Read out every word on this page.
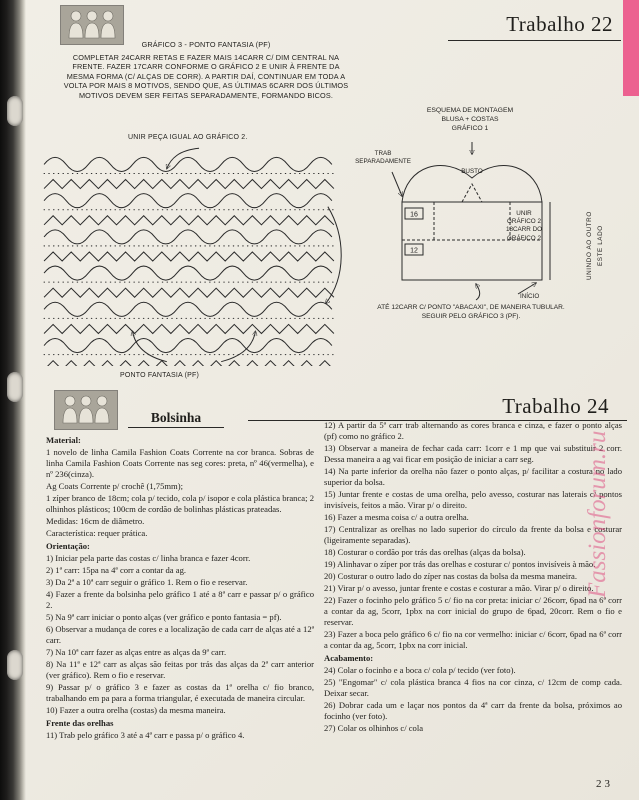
Trabalho 22

GRÁFICO 3 - PONTO FANTASIA (PF)

COMPLETAR 24CARR RETAS E FAZER MAIS 14CARR C/ DIM CENTRAL NA FRENTE. FAZER 17CARR CONFORME O GRÁFICO 2 E UNIR À FRENTE DA MESMA FORMA (C/ ALÇAS DE CORR). A PARTIR DAÍ, CONTINUAR EM TODA A VOLTA POR MAIS 8 MOTIVOS, SENDO QUE, AS ÚLTIMAS 6CARR DOS ÚLTIMOS MOTIVOS DEVEM SER FEITAS SEPARADAMENTE, FORMANDO BICOS.
UNIR PEÇA IGUAL AO GRÁFICO 2.
PONTO FANTASIA (PF)
ESQUEMA DE MONTAGEM
BLUSA + COSTAS
GRÁFICO 1
16
12
TRAB
SEPARADAMENTE
BUSTO
UNIR
GRÁFICO 2
18CARR DO
GRÁFICO 2	ESTE LADO
UNINDO AO OUTRO
INÍCIO
ATÉ 12CARR C/ PONTO "ABACAXI", DE MANEIRA TUBULAR. SEGUIR PELO GRÁFICO 3 (PF).
Trabalho 24
Bolsinha

Material:

1 novelo de linha Camila Fashion Coats Corrente na cor branca. Sobras de linha Camila Fashion Coats Corrente nas seg cores: preta, nº 46(vermelha), e nº 236(cinza).

Ag Coats Corrente p/ crochê (1,75mm);

1 zíper branco de 18cm; cola p/ tecido, cola p/ isopor e cola plástica branca; 2 olhinhos plásticos; 100cm de cordão de bolinhas plásticas prateadas.

Medidas: 16cm de diâmetro.

Característica: requer prática.

Orientação:

1) Iniciar pela parte das costas c/ linha branca e fazer 4corr.

2) 1ª carr: 15pa na 4ª corr a contar da ag.

3) Da 2ª a 10ª carr seguir o gráfico 1. Rem o fio e reservar.

4) Fazer a frente da bolsinha pelo gráfico 1 até a 8ª carr e passar p/ o gráfico 2.

5) Na 9ª carr iniciar o ponto alças (ver gráfico e ponto fantasia = pf).

6) Observar a mudança de cores e a localização de cada carr de alças até a 12ª carr.

7) Na 10ª carr fazer as alças entre as alças da 9ª carr.

8) Na 11ª e 12ª carr as alças são feitas por trás das alças da 2ª carr anterior (ver gráfico). Rem o fio e reservar.

9) Passar p/ o gráfico 3 e fazer as costas da 1ª orelha c/ fio branco, trabalhando em pa para a forma triangular, é executada de maneira circular.

10) Fazer a outra orelha (costas) da mesma maneira.

Frente das orelhas

11) Trab pelo gráfico 3 até a 4ª carr e passa p/ o gráfico 4.

12) A partir da 5ª carr trab alternando as cores branca e cinza, e fazer o ponto alças (pf) como no gráfico 2.

13) Observar a maneira de fechar cada carr: 1corr e 1 mp que vai substituir 2 corr. Dessa maneira a ag vai ficar em posição de iniciar a carr seg.

14) Na parte inferior da orelha não fazer o ponto alças, p/ facilitar a costura no lado superior da bolsa.

15) Juntar frente e costas de uma orelha, pelo avesso, costurar nas laterais c/ pontos invisíveis, feitos a mão. Virar p/ o direito.

16) Fazer a mesma coisa c/ a outra orelha.

17) Centralizar as orelhas no lado superior do círculo da frente da bolsa e costurar (ligeiramente separadas).

18) Costurar o cordão por trás das orelhas (alças da bolsa).

19) Alinhavar o zíper por trás das orelhas e costurar c/ pontos invisíveis à mão.

20) Costurar o outro lado do zíper nas costas da bolsa da mesma maneira.

21) Virar p/ o avesso, juntar frente e costas e costurar a mão. Virar p/ o direito.

22) Fazer o focinho pelo gráfico 5 c/ fio na cor preta: iniciar c/ 26corr, 6pad na 6ª corr a contar da ag, 5corr, 1pbx na corr inicial do grupo de 6pad, 20corr. Rem o fio e reservar.

23) Fazer a boca pelo gráfico 6 c/ fio na cor vermelho: iniciar c/ 6corr, 6pad na 6ª corr a contar da ag, 5corr, 1pbx na corr inicial.

Acabamento:

24) Colar o focinho e a boca c/ cola p/ tecido (ver foto).

25) "Engomar" c/ cola plástica branca 4 fios na cor cinza, c/ 12cm de comp cada. Deixar secar.

26) Dobrar cada um e laçar nos pontos da 4ª carr da frente da bolsa, próximos ao focinho (ver foto).

27) Colar os olhinhos c/ cola

Fassionforum.ru
23
